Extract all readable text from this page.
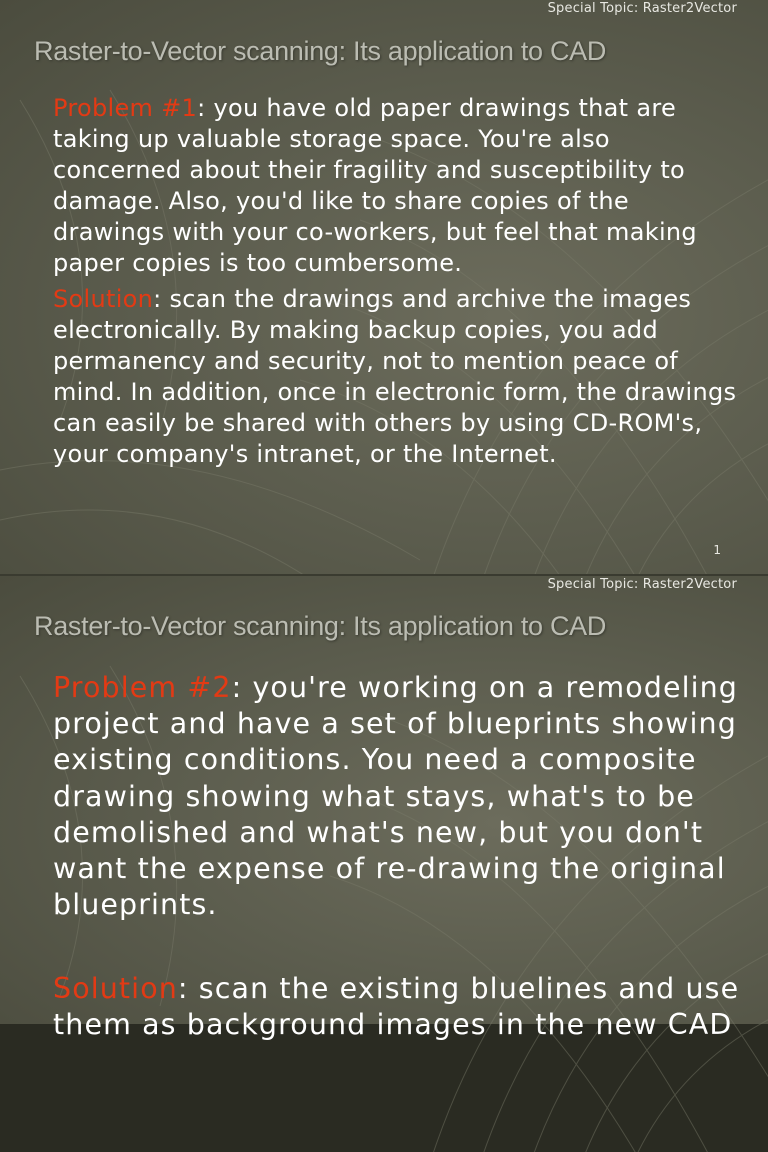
Special Topic: Raster2Vector
Raster-to-Vector scanning: Its application to CAD
Problem #1: you have old paper drawings that are taking up valuable storage space. You're also concerned about their fragility and susceptibility to damage. Also, you'd like to share copies of the drawings with your co-workers, but feel that making paper copies is too cumbersome.
Solution: scan the drawings and archive the images electronically. By making backup copies, you add permanency and security, not to mention peace of mind. In addition, once in electronic form, the drawings can easily be shared with others by using CD-ROM's, your company's intranet, or the Internet.
1
Special Topic: Raster2Vector
Raster-to-Vector scanning: Its application to CAD
Problem #2: you're working on a remodeling project and have a set of blueprints showing existing conditions. You need a composite drawing showing what stays, what's to be demolished and what's new, but you don't want the expense of re-drawing the original blueprints.
Solution: scan the existing bluelines and use them as background images in the new CAD
